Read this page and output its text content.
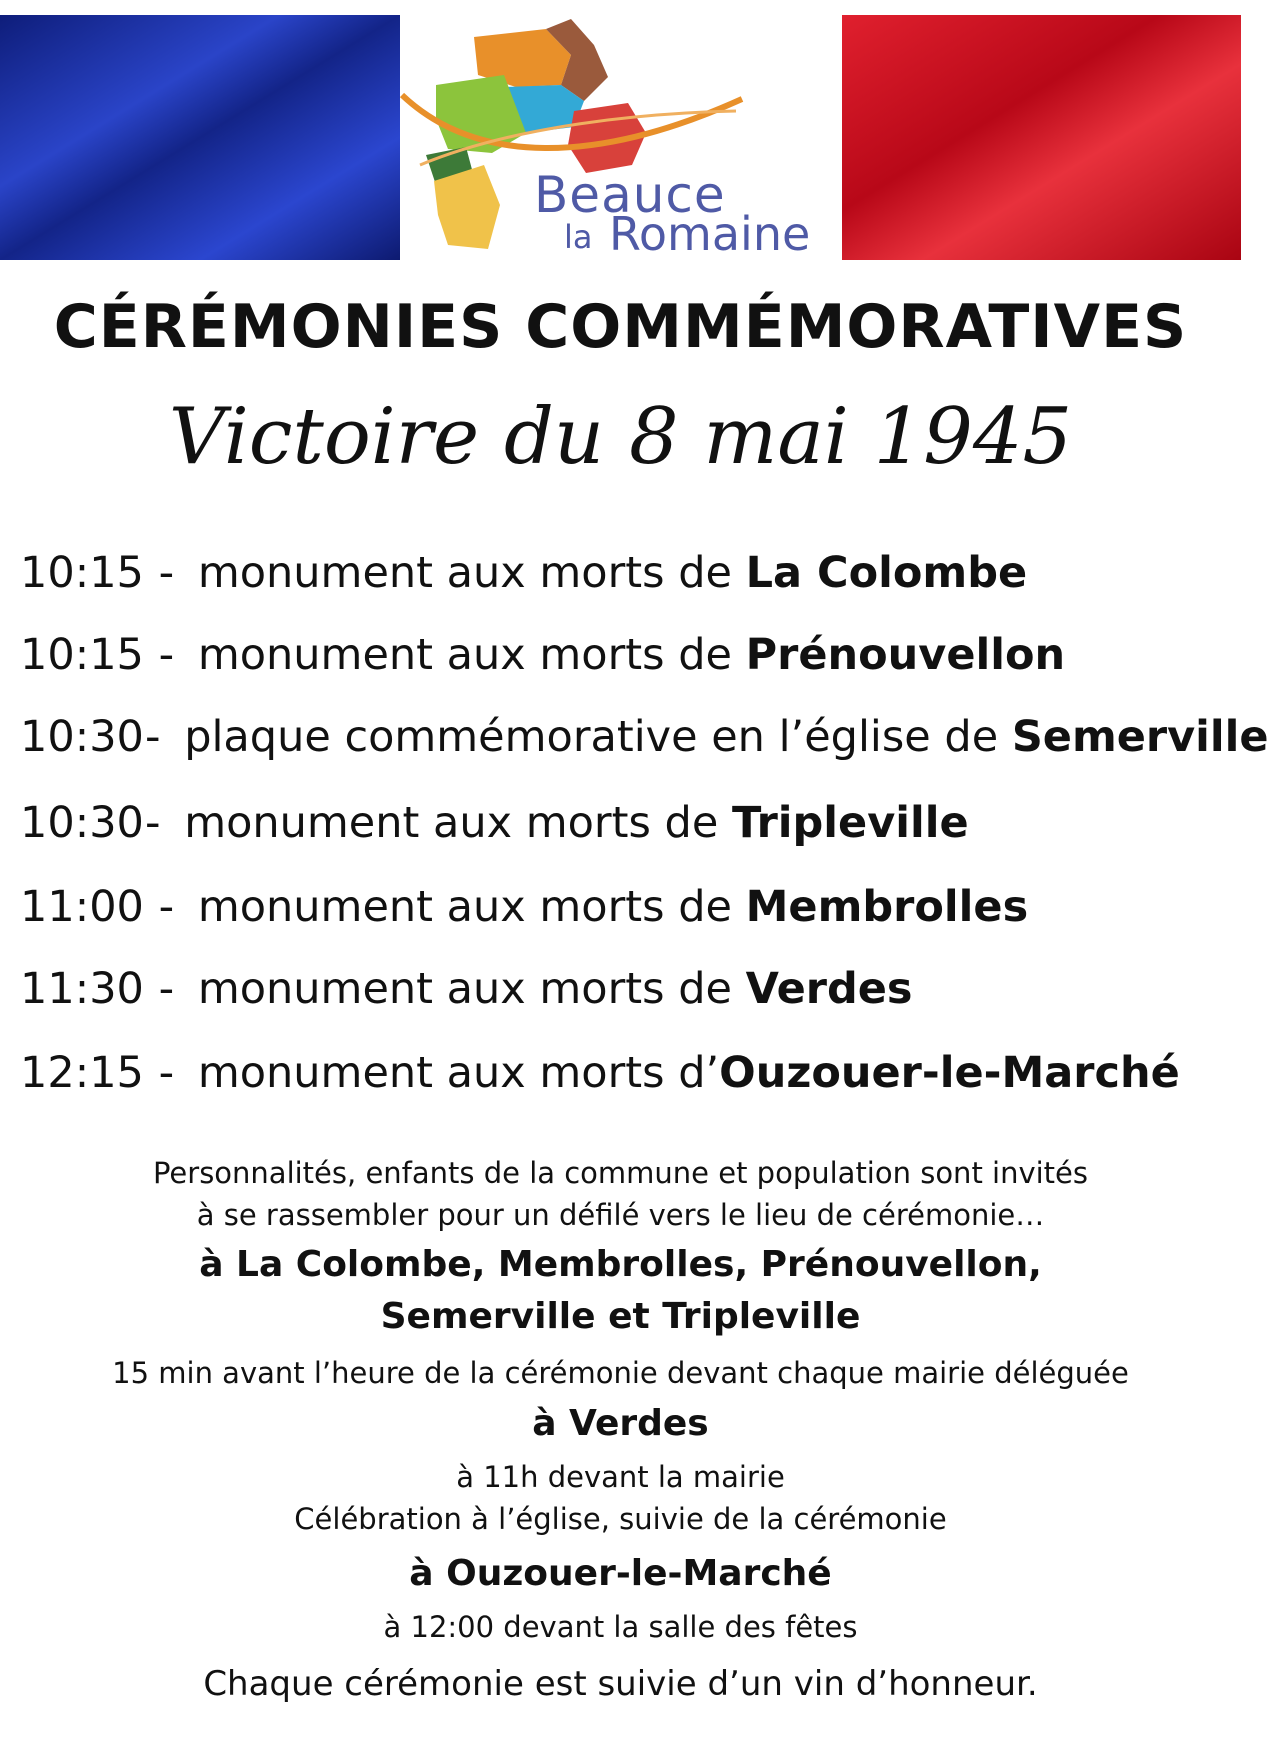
Beauce
la Romaine
CÉRÉMONIES COMMÉMORATIVES
Victoire du 8 mai 1945
10:15 - monument aux morts de
La Colombe
10:15 - monument aux morts de
Prénouvellon
10:30 - plaque commémorative en l’église de
Semerville
10:30 - monument aux morts de
Tripleville
11:00 - monument aux morts de
Membrolles
11:30 - monument aux morts de
Verdes
12:15 - monument aux morts d’ Ouzouer-le-Marché
Personnalités, enfants de la commune et population sont invités
à se rassembler pour un défilé vers le lieu de cérémonie…
à La Colombe, Membrolles, Prénouvellon,
Semerville et Tripleville
15 min avant l’heure de la cérémonie devant chaque mairie déléguée
à Verdes
à 11h devant la mairie
Célébration à l’église, suivie de la cérémonie
à Ouzouer-le-Marché
à 12:00 devant la salle des fêtes
Chaque cérémonie est suivie d’un vin d’honneur.
